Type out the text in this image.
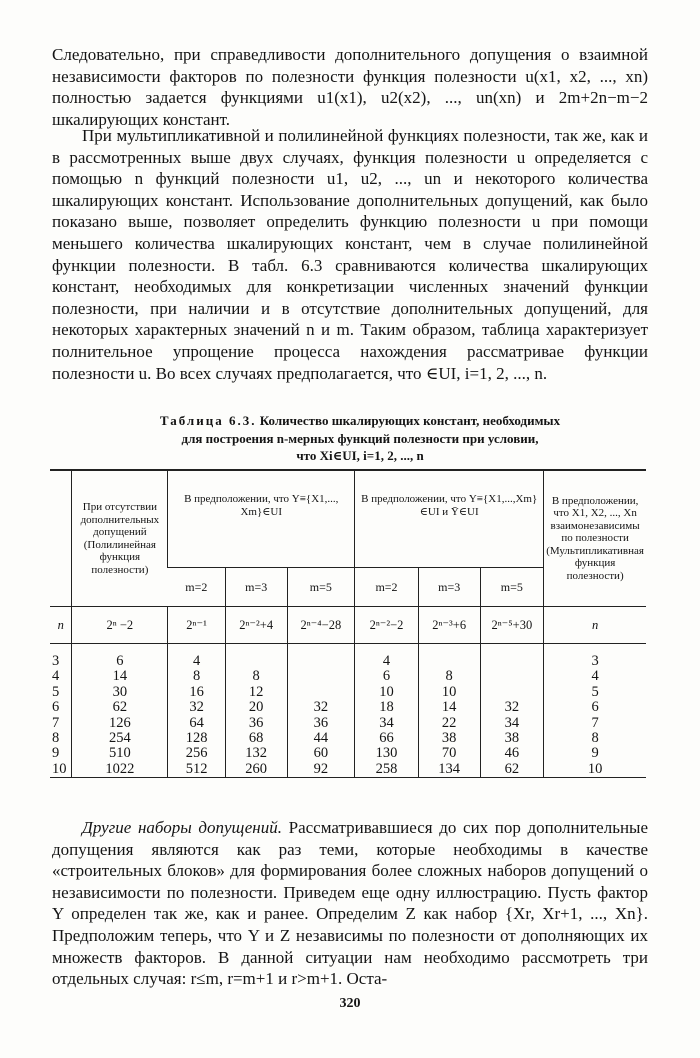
Следовательно, при справедливости дополнительного допущения о взаимной независимости факторов по полезности функция полезности u(x1, x2, ..., xn) полностью задается функциями u1(x1), u2(x2), ..., un(xn) и 2m+2n−m−2 шкалирующих констант.

При мультипликативной и полилинейной функциях полезности, так же, как и в рассмотренных выше двух случаях, функция полезности u определяется с помощью n функций полезности u1, u2, ..., un и некоторого количества шкалирующих констант. Использование дополнительных допущений, как было показано выше, позволяет определить функцию полезности u при помощи меньшего количества шкалирующих констант, чем в случае полилинейной функции полезности. В табл. 6.3 сравниваются количества шкалирующих констант, необходимых для конкретизации численных значений функции полезности, при наличии и в отсутствие дополнительных допущений, для некоторых характерных значений n и m. Таким образом, таблица характеризует полнительное упрощение процесса нахождения рассматривае функции полезности u. Во всех случаях предполагается, что ∈UI, i=1, 2, ..., n.

Таблица 6.3. Количество шкалирующих констант, необходимых
для построения n-мерных функций полезности при условии,
что Xi∈UI, i=1, 2, ..., n
	При отсутствии дополнительных допущений (Полилинейная функция полезности)	В предположении, что Y≡{X1,..., Xm}∈UI			В предположении, что Y≡{X1,...,Xm}∈UI и Ȳ∈UI			В предположении, что X1, X2, ..., Xn взаимонезависимы по полезности (Мультипликативная функция полезности)
		m=2	m=3	m=5	m=2	m=3	m=5	
n	2ⁿ −2	2ⁿ⁻¹	2ⁿ⁻²+4	2ⁿ⁻⁴−28	2ⁿ⁻²−2	2ⁿ⁻³+6	2ⁿ⁻⁵+30	n

3	6	4			4			3
4	14	8	8		6	8		4
5	30	16	12		10	10		5
6	62	32	20	32	18	14	32	6
7	126	64	36	36	34	22	34	7
8	254	128	68	44	66	38	38	8
9	510	256	132	60	130	70	46	9
10	1022	512	260	92	258	134	62	10

Другие наборы допущений. Рассматривавшиеся до сих пор дополнительные допущения являются как раз теми, которые необходимы в качестве «строительных блоков» для формирования более сложных наборов допущений о независимости по полезности. Приведем еще одну иллюстрацию. Пусть фактор Y определен так же, как и ранее. Определим Z как набор {Xr, Xr+1, ..., Xn}. Предположим теперь, что Y и Z независимы по полезности от дополняющих их множеств факторов. В данной ситуации нам необходимо рассмотреть три отдельных случая: r≤m, r=m+1 и r>m+1. Оста-

320
